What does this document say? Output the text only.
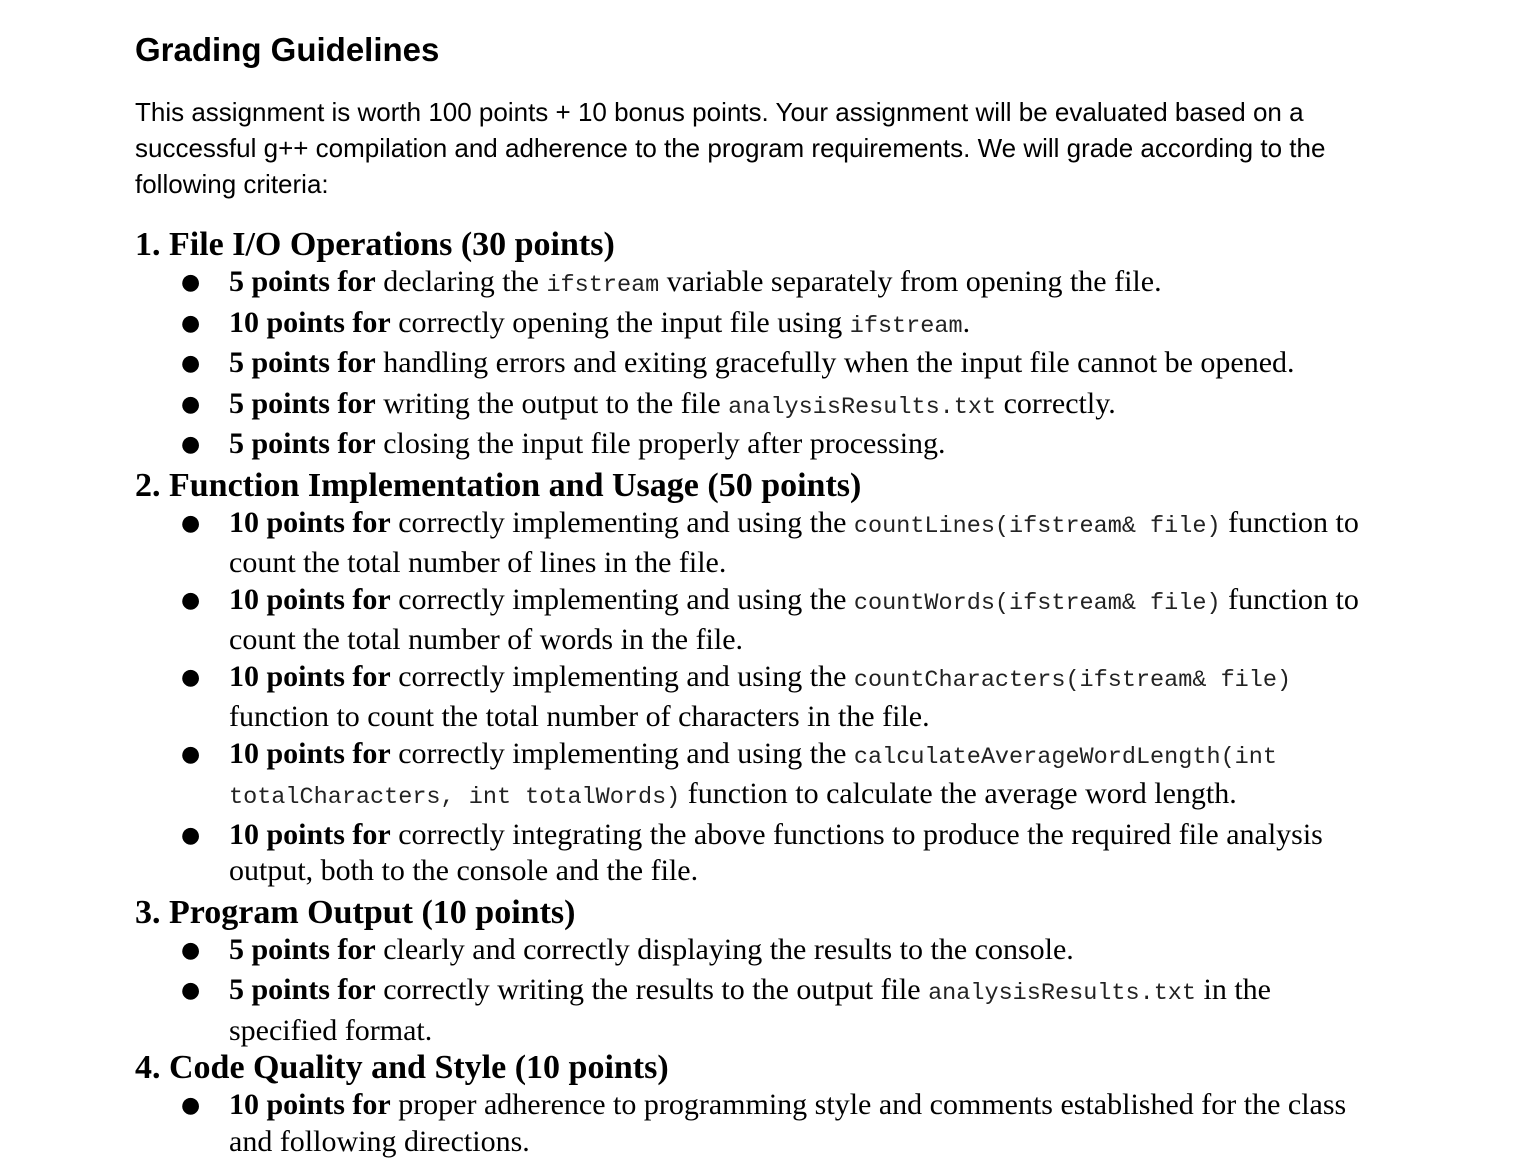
Grading Guidelines

This assignment is worth 100 points + 10 bonus points. Your assignment will be evaluated based on a successful g++ compilation and adherence to the program requirements. We will grade according to the following criteria:

1. File I/O Operations (30 points)
● 5 points for declaring the ifstream variable separately from opening the file.
● 10 points for correctly opening the input file using ifstream.
● 5 points for handling errors and exiting gracefully when the input file cannot be opened.
● 5 points for writing the output to the file analysisResults.txt correctly.
● 5 points for closing the input file properly after processing.
2. Function Implementation and Usage (50 points)
● 10 points for correctly implementing and using the countLines(ifstream& file) function to count the total number of lines in the file.
● 10 points for correctly implementing and using the countWords(ifstream& file) function to count the total number of words in the file.
● 10 points for correctly implementing and using the countCharacters(ifstream& file) function to count the total number of characters in the file.
● 10 points for correctly implementing and using the calculateAverageWordLength(int totalCharacters, int totalWords) function to calculate the average word length.
● 10 points for correctly integrating the above functions to produce the required file analysis output, both to the console and the file.
3. Program Output (10 points)
● 5 points for clearly and correctly displaying the results to the console.
● 5 points for correctly writing the results to the output file analysisResults.txt in the specified format.
4. Code Quality and Style (10 points)
● 10 points for proper adherence to programming style and comments established for the class and following directions.
